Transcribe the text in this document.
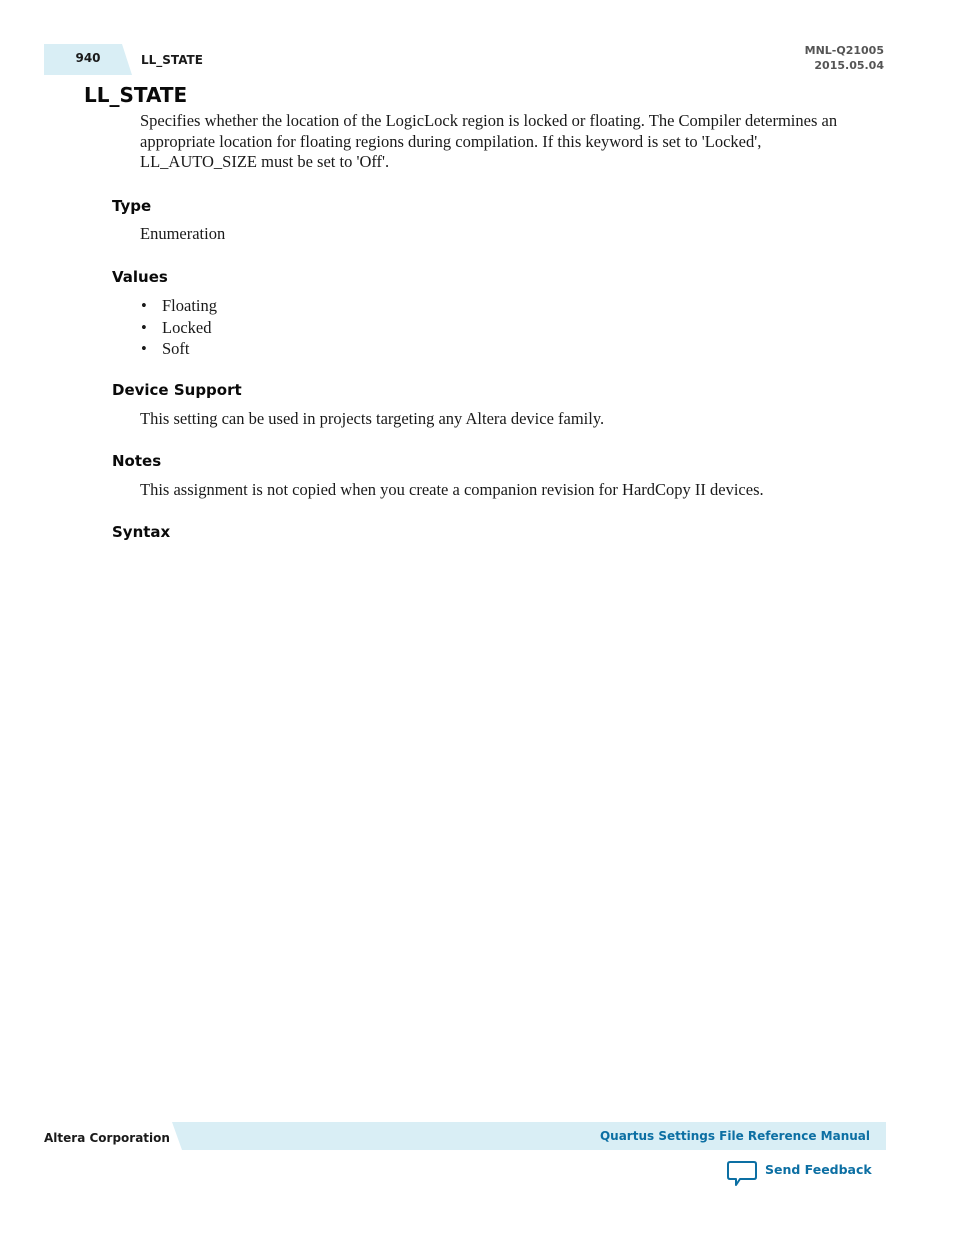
940	LL_STATE
MNL-Q21005
2015.05.04
LL_STATE

Specifies whether the location of the LogicLock region is locked or floating. The Compiler determines an appropriate location for floating regions during compilation. If this keyword is set to 'Locked', LL_AUTO_SIZE must be set to 'Off'.

Type

Enumeration

Values
• Floating
• Locked
• Soft
Device Support

This setting can be used in projects targeting any Altera device family.

Notes

This assignment is not copied when you create a companion revision for HardCopy II devices.

Syntax
Altera Corporation	Quartus Settings File Reference Manual
Send Feedback
